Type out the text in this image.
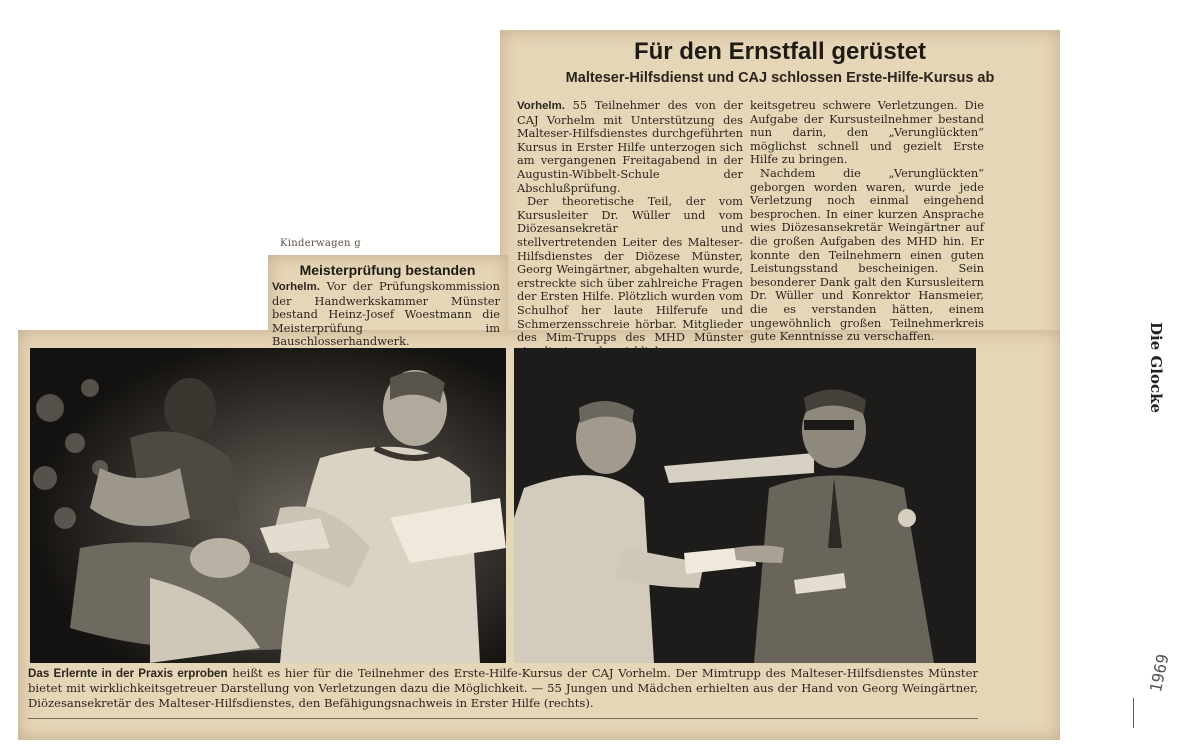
Für den Ernstfall gerüstet
Malteser-Hilfsdienst und CAJ schlossen Erste-Hilfe-Kursus ab

Vorhelm. 55 Teilnehmer des von der CAJ Vorhelm mit Unterstützung des Malteser-Hilfsdienstes durchgeführten Kursus in Erster Hilfe unterzogen sich am vergangenen Freitagabend in der Augustin-Wibbelt-Schule der Abschlußprüfung.

Der theoretische Teil, der vom Kursusleiter Dr. Wüller und vom Diözesansekretär und stellvertretenden Leiter des Malteser-Hilfsdienstes der Diözese Münster, Georg Weingärtner, abgehalten wurde, erstreckte sich über zahlreiche Fragen der Ersten Hilfe. Plötzlich wurden vom Schulhof her laute Hilferufe und Schmerzensschreie hörbar. Mitglieder des Mim-Trupps des MHD Münster

keitsgetreu schwere Verletzungen. Die Aufgabe der Kursusteilnehmer bestand nun darin, den „Verunglückten“ möglichst schnell und gezielt Erste Hilfe zu bringen.

Nachdem die „Verunglückten“ geborgen worden waren, wurde jede Verletzung noch einmal eingehend besprochen. In einer kurzen Ansprache wies Diözesansekretär Weingärtner auf die großen Aufgaben des MHD hin. Er konnte den Teilnehmern einen guten Leistungsstand bescheinigen. Sein besonderer Dank galt den Kursusleitern Dr. Wüller und Konrektor Hansmeier, die es verstanden hätten, einem ungewöhnlich großen Teilnehmerkreis gute Kenntnisse zu verschaffen.

Kinderwagen g
Meisterprüfung bestanden

Vorhelm. Vor der Prüfungskommission der Handwerkskammer Münster bestand Heinz-Josef Woestmann die Meisterprüfung im Bauschlosserhandwerk.

Das Erlernte in der Praxis erproben heißt es hier für die Teilnehmer des Erste-Hilfe-Kursus der CAJ Vorhelm. Der Mimtrupp des Malteser-Hilfsdienstes Münster bietet mit wirklichkeitsgetreuer Darstellung von Verletzungen dazu die Möglichkeit. — 55 Jungen und Mädchen erhielten aus der Hand von Georg Weingärtner, Diözesansekretär des Malteser-Hilfsdienstes, den Befähigungsnachweis in Erster Hilfe (rechts).

Die Glocke

1969
